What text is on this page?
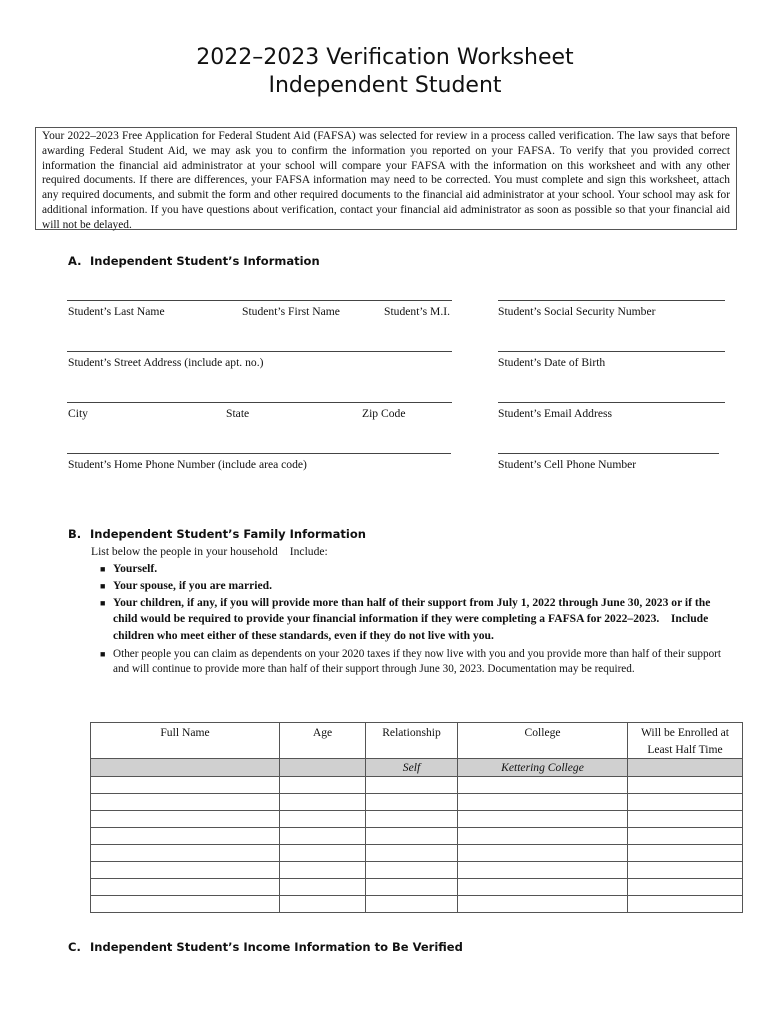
2022–2023 Verification Worksheet
Independent Student
Your 2022–2023 Free Application for Federal Student Aid (FAFSA) was selected for review in a process called verification. The law says that before awarding Federal Student Aid, we may ask you to confirm the information you reported on your FAFSA. To verify that you provided correct information the financial aid administrator at your school will compare your FAFSA with the information on this worksheet and with any other required documents. If there are differences, your FAFSA information may need to be corrected. You must complete and sign this worksheet, attach any required documents, and submit the form and other required documents to the financial aid administrator at your school. Your school may ask for additional information. If you have questions about verification, contact your financial aid administrator as soon as possible so that your financial aid will not be delayed.
A. Independent Student’s Information
Student’s Last Name	Student’s First Name	Student’s M.I.	Student’s Social Security Number
Student’s Street Address (include apt. no.)	Student’s Date of Birth
City	State	Zip Code	Student’s Email Address
Student’s Home Phone Number (include area code)	Student’s Cell Phone Number
B. Independent Student’s Family Information
List below the people in your household Include:
■ Yourself.
■ Your spouse, if you are married.
■ Your children, if any, if you will provide more than half of their support from July 1, 2022 through June 30, 2023 or if the child would be required to provide your financial information if they were completing a FAFSA for 2022–2023.    Include children who meet either of these standards, even if they do not live with you.
■ Other people you can claim as dependents on your 2020 taxes if they now live with you and you provide more than half of their support and will continue to provide more than half of their support through June 30, 2023. Documentation may be required.
Full Name	Age	Relationship	College	Will be Enrolled at Least Half Time
		Self	Kettering College	

C. Independent Student’s Income Information to Be Verified
